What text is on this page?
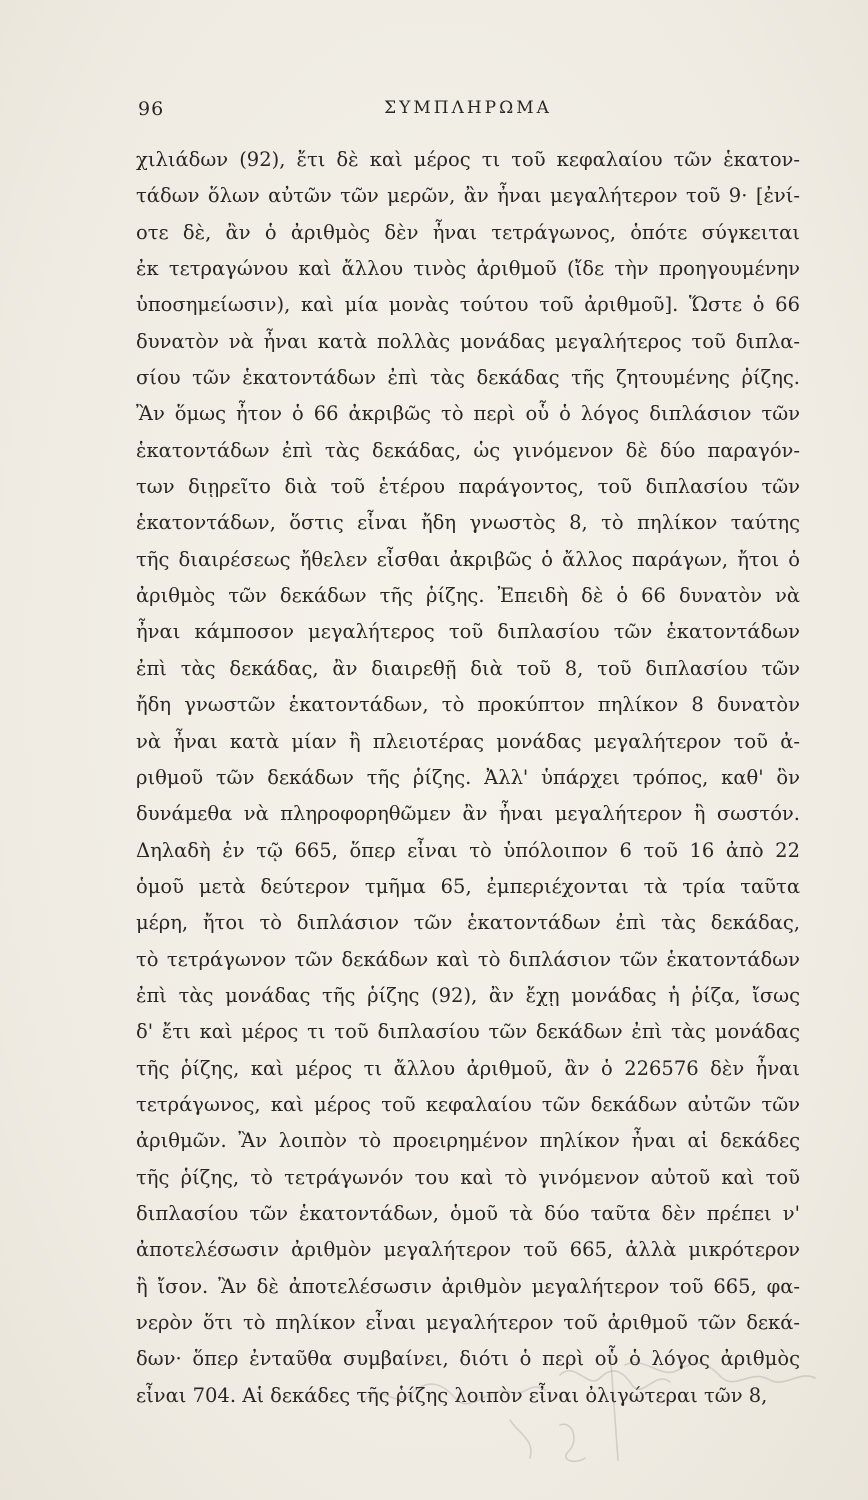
96	ΣΥΜΠΛΗΡΩΜΑ
χιλιάδων (92), ἔτι δὲ καὶ μέρος τι τοῦ κεφαλαίου τῶν ἑκατον-
τάδων ὅλων αὐτῶν τῶν μερῶν, ἂν ἦναι μεγαλήτερον τοῦ 9· [ἐνί-
οτε δὲ, ἂν ὁ ἀριθμὸς δὲν ἦναι τετράγωνος, ὁπότε σύγκειται
ἐκ τετραγώνου καὶ ἄλλου τινὸς ἀριθμοῦ (ἴδε τὴν προηγουμένην
ὑποσημείωσιν), καὶ μία μονὰς τούτου τοῦ ἀριθμοῦ]. Ὥστε ὁ 66
δυνατὸν νὰ ἦναι κατὰ πολλὰς μονάδας μεγαλήτερος τοῦ διπλα-
σίου τῶν ἑκατοντάδων ἐπὶ τὰς δεκάδας τῆς ζητουμένης ῥίζης.
Ἂν ὅμως ἦτον ὁ 66 ἀκριβῶς τὸ περὶ οὗ ὁ λόγος διπλάσιον τῶν
ἑκατοντάδων ἐπὶ τὰς δεκάδας, ὡς γινόμενον δὲ δύο παραγόν-
των διῃρεῖτο διὰ τοῦ ἑτέρου παράγοντος, τοῦ διπλασίου τῶν
ἑκατοντάδων, ὅστις εἶναι ἤδη γνωστὸς 8, τὸ πηλίκον ταύτης
τῆς διαιρέσεως ἤθελεν εἶσθαι ἀκριβῶς ὁ ἄλλος παράγων, ἤτοι ὁ
ἀριθμὸς τῶν δεκάδων τῆς ῥίζης. Ἐπειδὴ δὲ ὁ 66 δυνατὸν νὰ
ἦναι κάμποσον μεγαλήτερος τοῦ διπλασίου τῶν ἑκατοντάδων
ἐπὶ τὰς δεκάδας, ἂν διαιρεθῇ διὰ τοῦ 8, τοῦ διπλασίου τῶν
ἤδη γνωστῶν ἑκατοντάδων, τὸ προκύπτον πηλίκον 8 δυνατὸν
νὰ ἦναι κατὰ μίαν ἢ πλειοτέρας μονάδας μεγαλήτερον τοῦ ἀ-
ριθμοῦ τῶν δεκάδων τῆς ῥίζης. Ἀλλ' ὑπάρχει τρόπος, καθ' ὃν
δυνάμεθα νὰ πληροφορηθῶμεν ἂν ἦναι μεγαλήτερον ἢ σωστόν.
Δηλαδὴ ἐν τῷ 665, ὅπερ εἶναι τὸ ὑπόλοιπον 6 τοῦ 16 ἀπὸ 22
ὁμοῦ μετὰ δεύτερον τμῆμα 65, ἐμπεριέχονται τὰ τρία ταῦτα
μέρη, ἤτοι τὸ διπλάσιον τῶν ἑκατοντάδων ἐπὶ τὰς δεκάδας,
τὸ τετράγωνον τῶν δεκάδων καὶ τὸ διπλάσιον τῶν ἑκατοντάδων
ἐπὶ τὰς μονάδας τῆς ῥίζης (92), ἂν ἔχῃ μονάδας ἡ ῥίζα, ἴσως
δ' ἔτι καὶ μέρος τι τοῦ διπλασίου τῶν δεκάδων ἐπὶ τὰς μονάδας
τῆς ῥίζης, καὶ μέρος τι ἄλλου ἀριθμοῦ, ἂν ὁ 226576 δὲν ἦναι
τετράγωνος, καὶ μέρος τοῦ κεφαλαίου τῶν δεκάδων αὐτῶν τῶν
ἀριθμῶν. Ἂν λοιπὸν τὸ προειρημένον πηλίκον ἦναι αἱ δεκάδες
τῆς ῥίζης, τὸ τετράγωνόν του καὶ τὸ γινόμενον αὐτοῦ καὶ τοῦ
διπλασίου τῶν ἑκατοντάδων, ὁμοῦ τὰ δύο ταῦτα δὲν πρέπει ν'
ἀποτελέσωσιν ἀριθμὸν μεγαλήτερον τοῦ 665, ἀλλὰ μικρότερον
ἢ ἴσον. Ἂν δὲ ἀποτελέσωσιν ἀριθμὸν μεγαλήτερον τοῦ 665, φα-
νερὸν ὅτι τὸ πηλίκον εἶναι μεγαλήτερον τοῦ ἀριθμοῦ τῶν δεκά-
δων· ὅπερ ἐνταῦθα συμβαίνει, διότι ὁ περὶ οὗ ὁ λόγος ἀριθμὸς
εἶναι 704. Αἱ δεκάδες τῆς ῥίζης λοιπὸν εἶναι ὀλιγώτεραι τῶν 8,
